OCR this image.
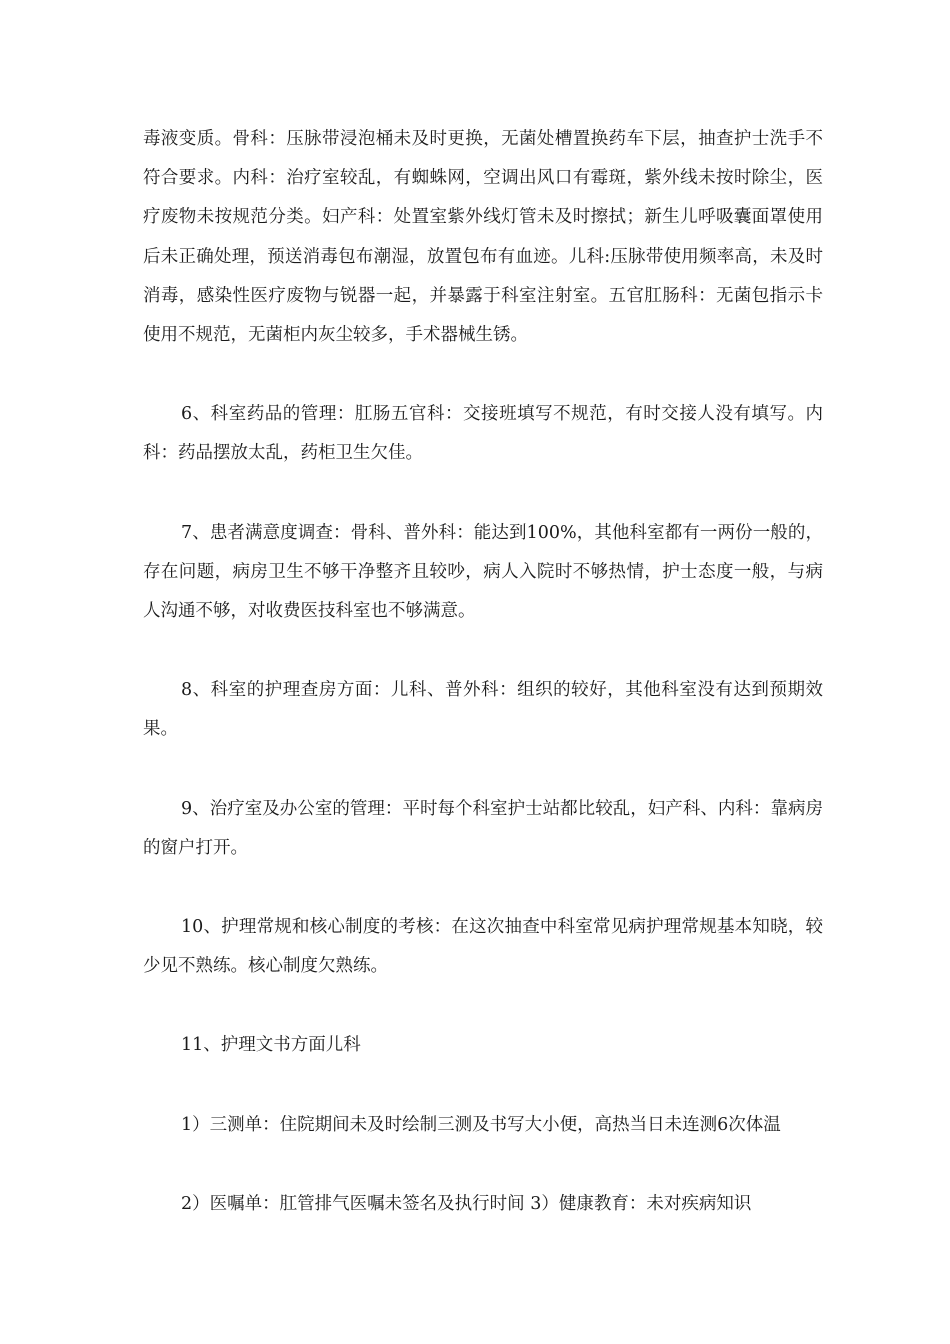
毒液变质。骨科：压脉带浸泡桶未及时更换，无菌处槽置换药车下层，抽查护士洗手不符合要求。内科：治疗室较乱，有蜘蛛网，空调出风口有霉斑，紫外线未按时除尘，医疗废物未按规范分类。妇产科：处置室紫外线灯管未及时擦拭；新生儿呼吸囊面罩使用后未正确处理，预送消毒包布潮湿，放置包布有血迹。儿科:压脉带使用频率高，未及时消毒，感染性医疗废物与锐器一起，并暴露于科室注射室。五官肛肠科：无菌包指示卡使用不规范，无菌柜内灰尘较多，手术器械生锈。

6、科室药品的管理：肛肠五官科：交接班填写不规范，有时交接人没有填写。内科：药品摆放太乱，药柜卫生欠佳。

7、患者满意度调查：骨科、普外科：能达到100%，其他科室都有一两份一般的，存在问题，病房卫生不够干净整齐且较吵，病人入院时不够热情，护士态度一般，与病人沟通不够，对收费医技科室也不够满意。

8、科室的护理查房方面：儿科、普外科：组织的较好，其他科室没有达到预期效果。

9、治疗室及办公室的管理：平时每个科室护士站都比较乱，妇产科、内科：靠病房的窗户打开。

10、护理常规和核心制度的考核：在这次抽查中科室常见病护理常规基本知晓，较少见不熟练。核心制度欠熟练。

11、护理文书方面儿科

1）三测单：住院期间未及时绘制三测及书写大小便，高热当日未连测6次体温

2）医嘱单：肛管排气医嘱未签名及执行时间 3）健康教育：未对疾病知识
